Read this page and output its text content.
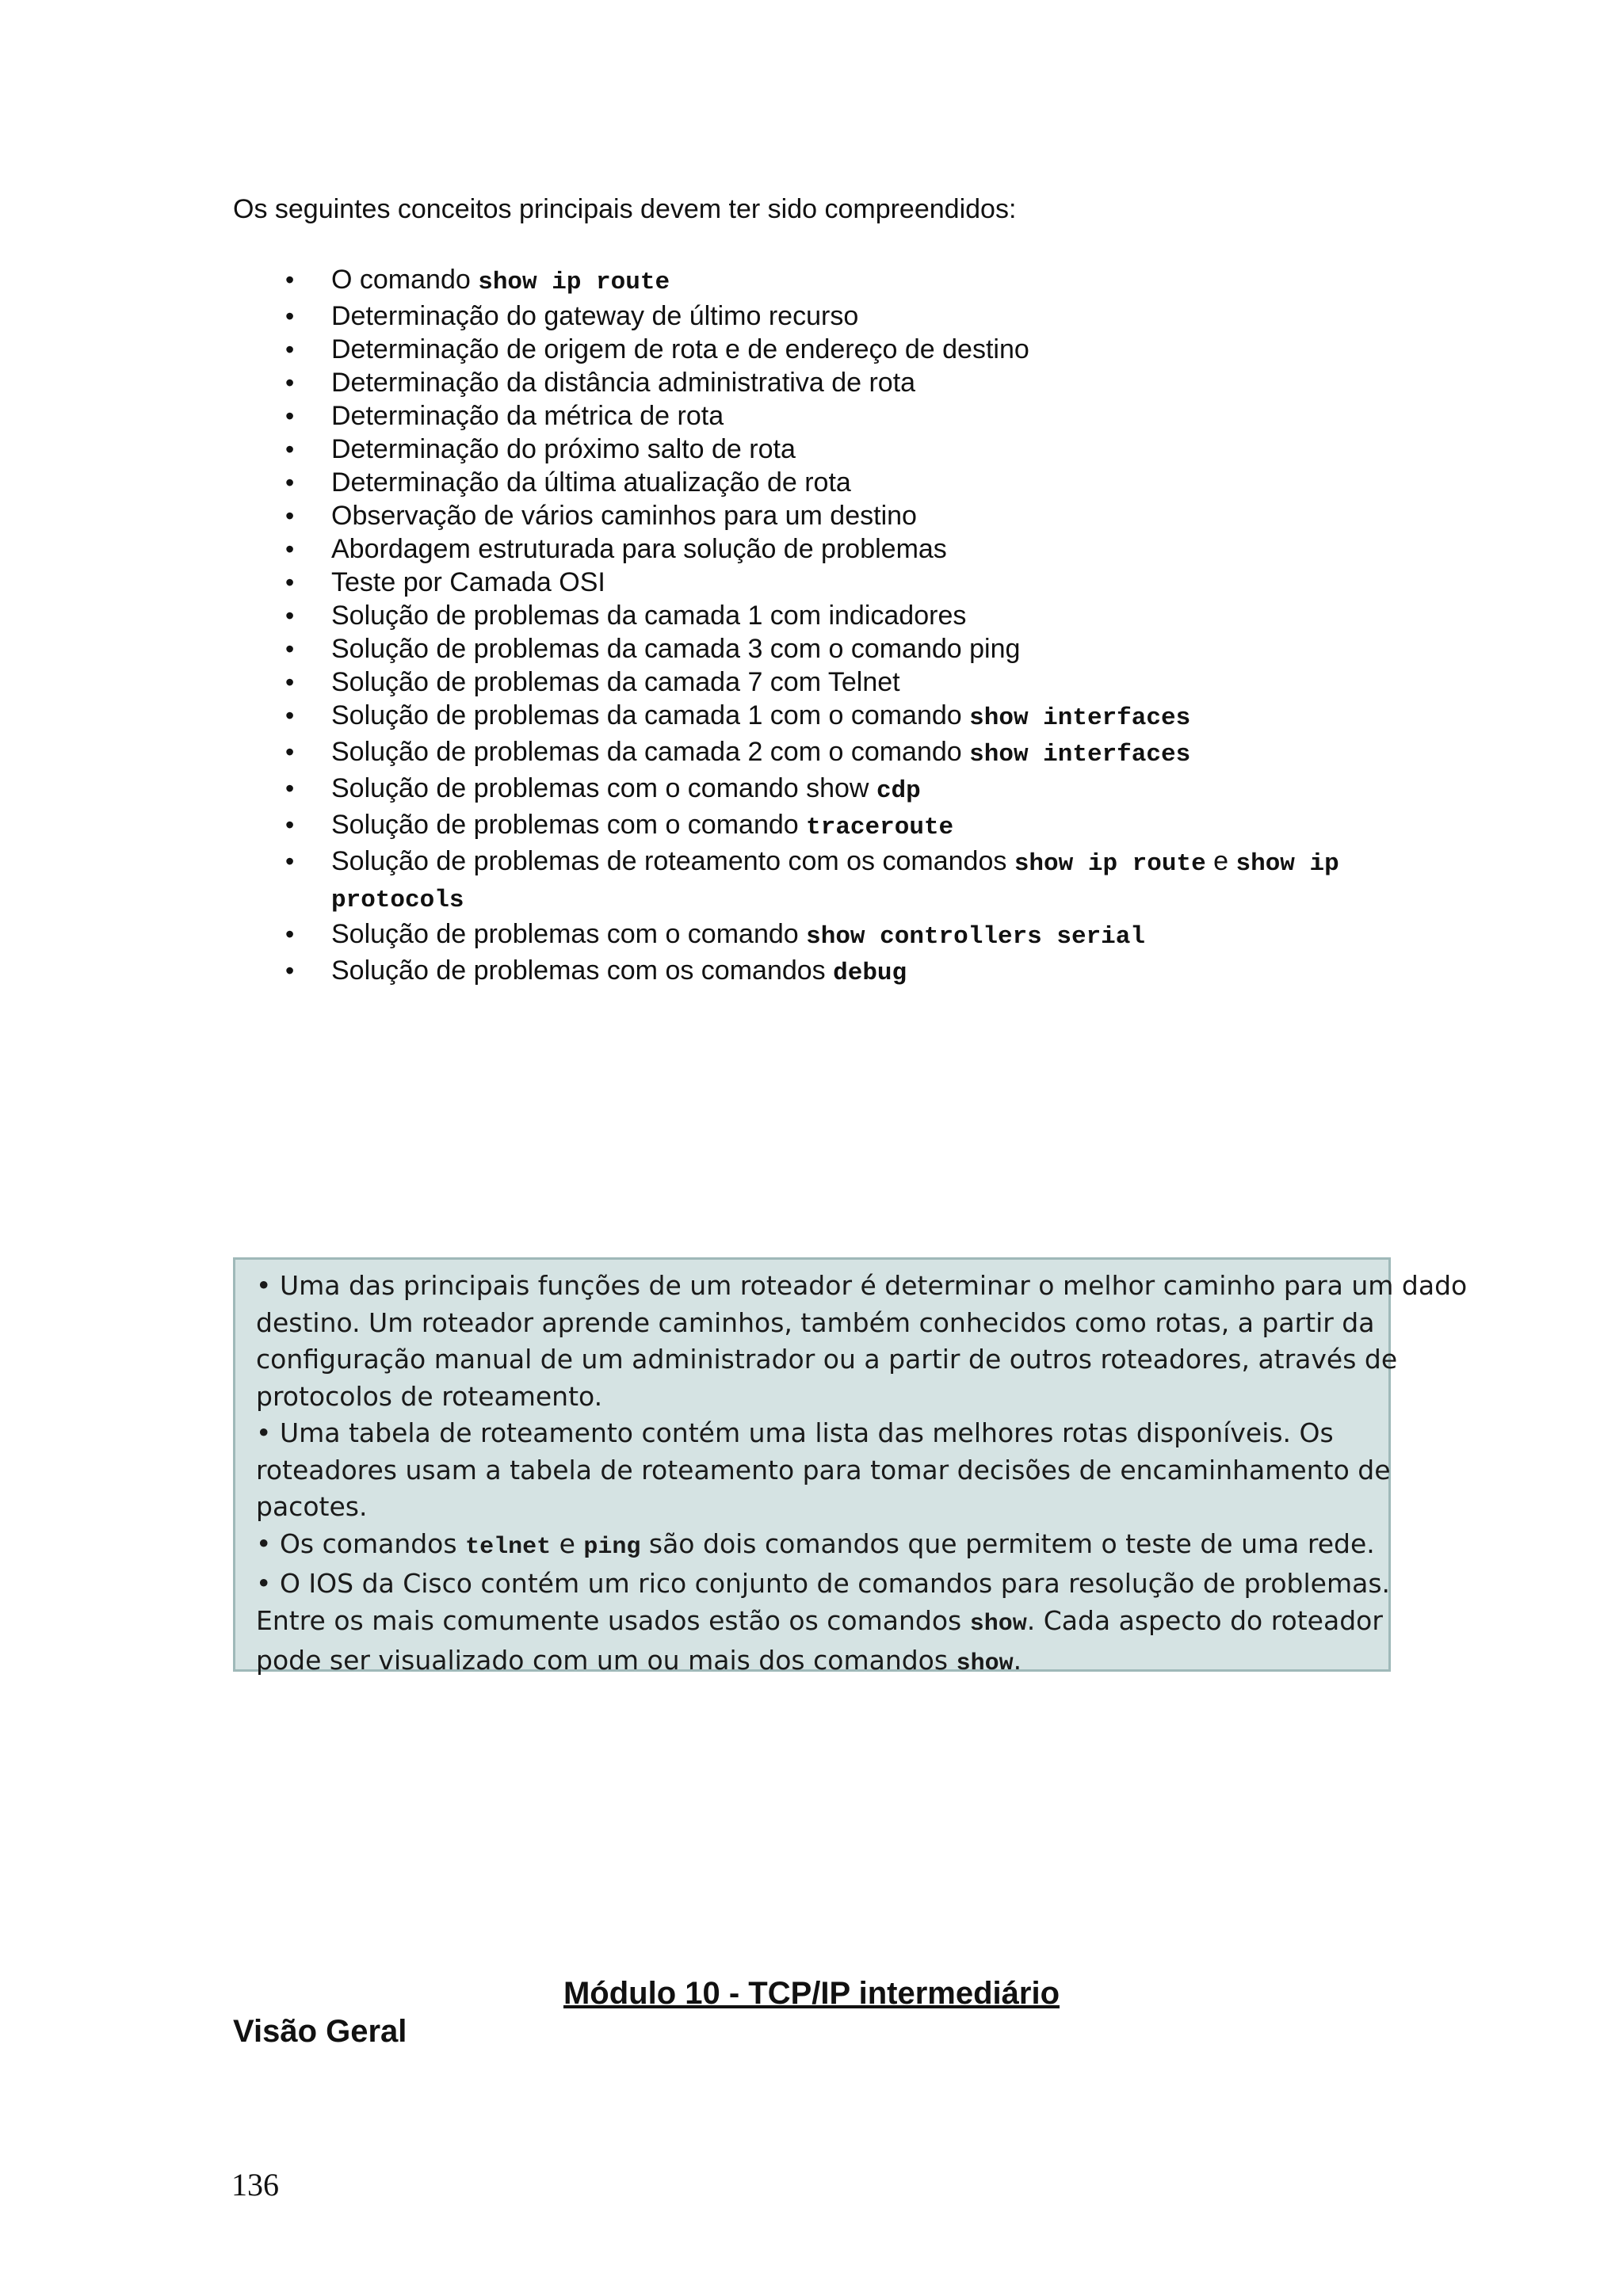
Os seguintes conceitos principais devem ter sido compreendidos:

• O comando show ip route
• Determinação do gateway de último recurso
• Determinação de origem de rota e de endereço de destino
• Determinação da distância administrativa de rota
• Determinação da métrica de rota
• Determinação do próximo salto de rota
• Determinação da última atualização de rota
• Observação de vários caminhos para um destino
• Abordagem estruturada para solução de problemas
• Teste por Camada OSI
• Solução de problemas da camada 1 com indicadores
• Solução de problemas da camada 3 com o comando ping
• Solução de problemas da camada 7 com Telnet
• Solução de problemas da camada 1 com o comando show interfaces
• Solução de problemas da camada 2 com o comando show interfaces
• Solução de problemas com o comando show cdp
• Solução de problemas com o comando traceroute
• Solução de problemas de roteamento com os comandos show ip route e show ip protocols
• Solução de problemas com o comando show controllers serial
• Solução de problemas com os comandos debug

• Uma das principais funções de um roteador é determinar o melhor caminho para um dado

destino. Um roteador aprende caminhos, também conhecidos como rotas, a partir da

configuração manual de um administrador ou a partir de outros roteadores, através de

protocolos de roteamento.

• Uma tabela de roteamento contém uma lista das melhores rotas disponíveis. Os

roteadores usam a tabela de roteamento para tomar decisões de encaminhamento de

pacotes.

• Os comandos telnet e ping são dois comandos que permitem o teste de uma rede.

• O IOS da Cisco contém um rico conjunto de comandos para resolução de problemas.

Entre os mais comumente usados estão os comandos show. Cada aspecto do roteador

pode ser visualizado com um ou mais dos comandos show.

Módulo 10 - TCP/IP intermediário
Visão Geral
136
